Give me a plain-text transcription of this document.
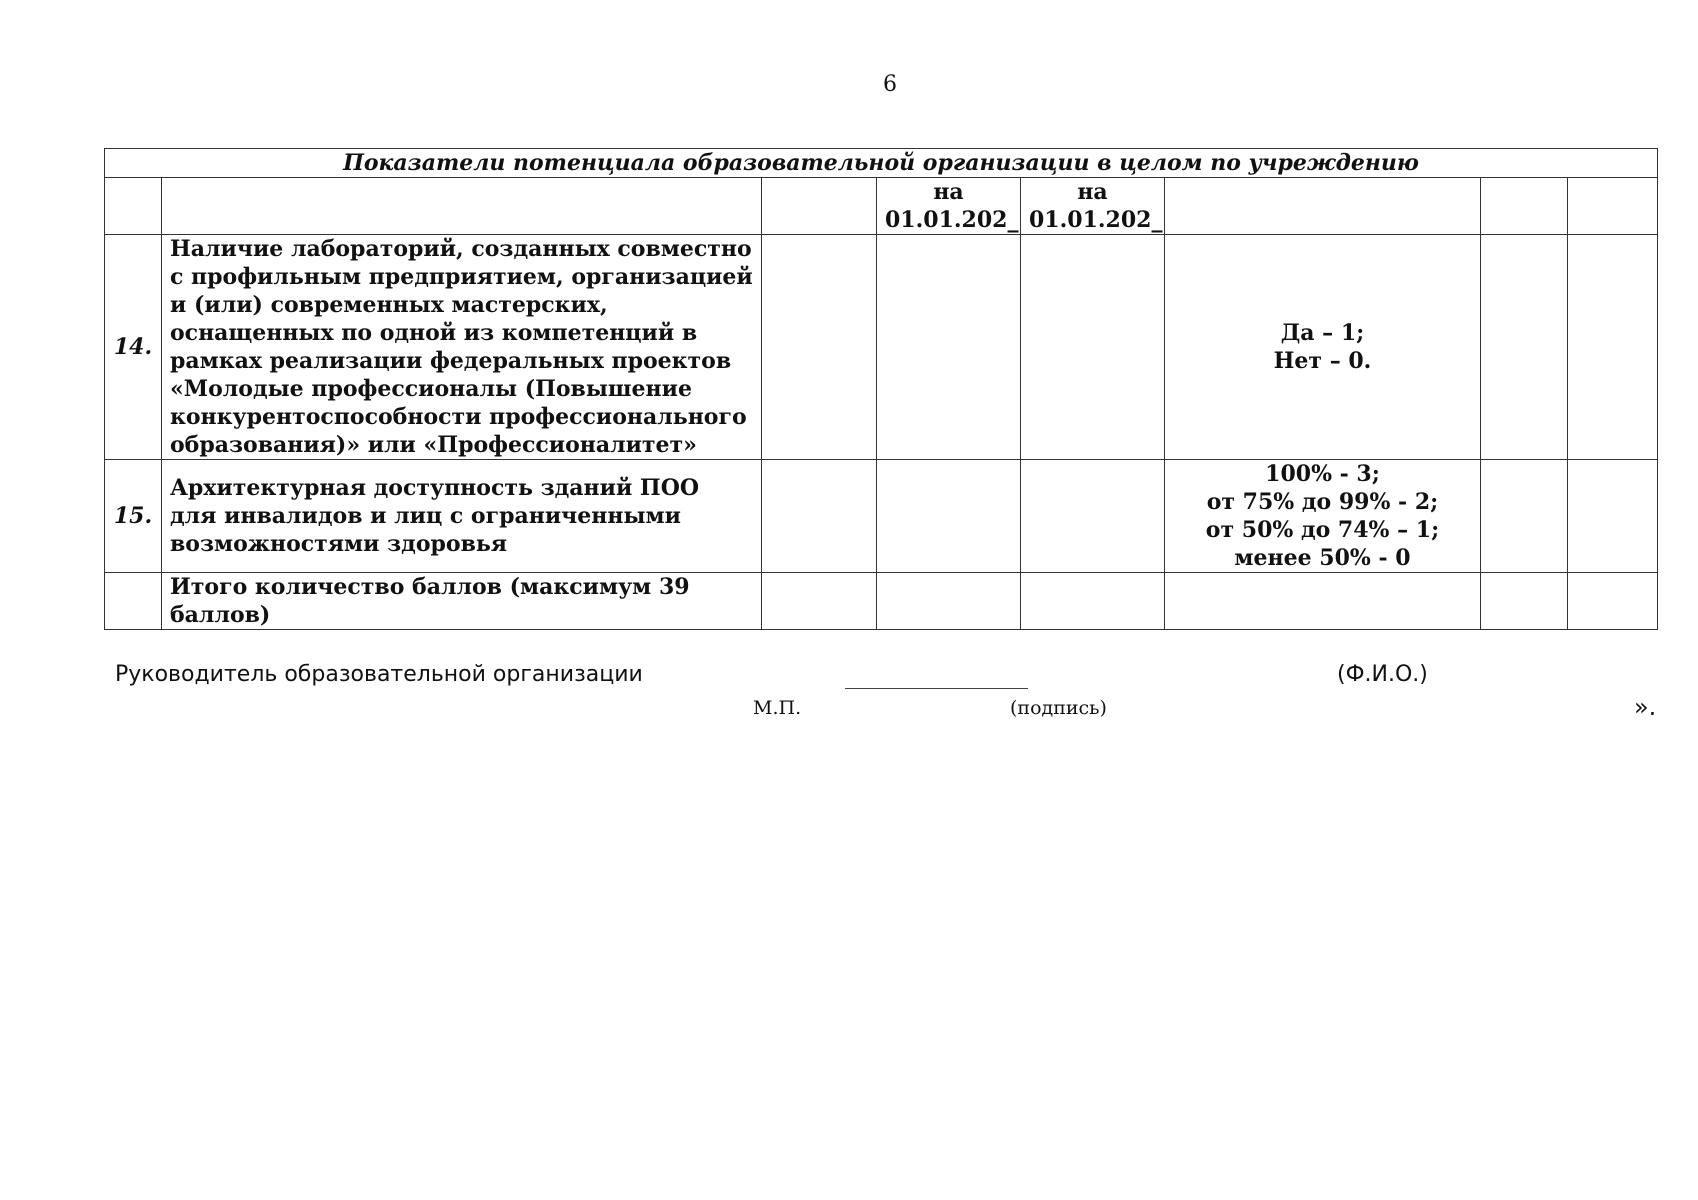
6
Показатели потенциала образовательной организации в целом по учреждению							
			на 01.01.202_	на 01.01.202_			
14.	Наличие лабораторий, созданных совместно с профильным предприятием, организацией и (или) современных мастерских, оснащенных по одной из компетенций в рамках реализации федеральных проектов «Молодые профессионалы (Повышение конкурентоспособности профессионального образования)» или «Профессионалитет»				Да – 1;
Нет – 0.		

15.	Архитектурная доступность зданий ПОО для инвалидов и лиц с ограниченными возможностями здоровья				100% - 3;
от 75% до 99% - 2;
от 50% до 74% – 1;
менее 50% - 0		

	Итого количество баллов (максимум 39 баллов)						
Руководитель образовательной организации	(Ф.И.О.)
М.П.	(подпись)	».
